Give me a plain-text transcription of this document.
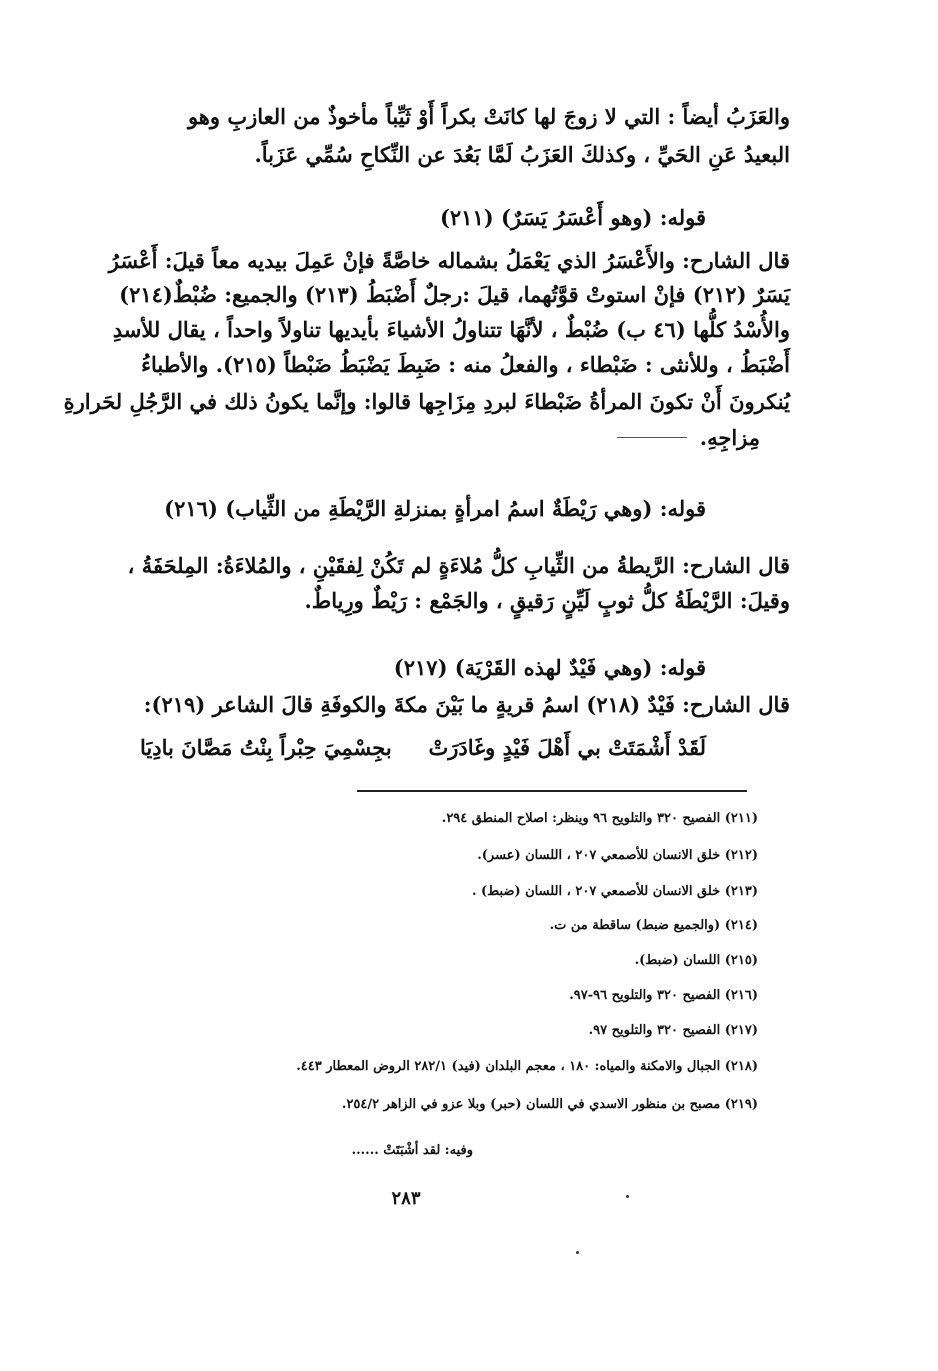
والعَزَبُ أيضاً : التي لا زوجَ لها كانَتْ بكراً أَوْ ثَيِّباً مأخوذٌ من العازبِ وهو
البعيدُ عَنِ الحَيِّ ، وكذلكَ العَزَبُ لَمَّا بَعُدَ عن النِّكاحِ سُمِّي عَزَباً.
قوله: (وهو أَعْسَرُ يَسَرٌ) (٢١١)
قال الشارح: والأَعْسَرُ الذي يَعْمَلُ بشماله خاصَّةً فإنْ عَمِلَ بيديه معاً قيلَ: أَعْسَرُ
يَسَرٌ (٢١٢) فإنْ استوتْ قوَّتُهما، قيلَ :رجلٌ أَضْبَطُ (٢١٣) والجميع: ضُبْطٌ(٢١٤)
والأُسْدُ كلُّها (٤٦ ب) ضُبْطٌ ، لأنَّهَا تتناولُ الأشياءَ بأيديها تناولاً واحداً ، يقال للأسدِ
أَضْبَطُ ، وللأنثى : ضَبْطاء ، والفعلُ منه : ضَبِطَ يَضْبَطُ ضَبْطاً (٢١٥). والأطباءُ
يُنكرونَ أَنْ تكونَ المرأةُ ضَبْطاءَ لبردِ مِزَاجِها قالوا: وإنَّما يكونُ ذلك في الرَّجُلِ لحَرارةِ
مِزاجِهِ.
قوله: (وهي رَيْطَةٌ اسمُ امرأةٍ بمنزلةِ الرَّيْطَةِ من الثِّياب) (٢١٦)
قال الشارح: الرَّيطةُ من الثِّيابِ كلُّ مُلاءَةٍ لم تَكُنْ لِفقَيْنِ ، والمُلاءَةُ: المِلحَفَةُ ،
وقيلَ: الرَّيْطَةُ كلُّ ثوبٍ لَيِّنٍ رَقيقٍ ، والجَمْع : رَيْطٌ ورِياطٌ.
قوله: (وهي فَيْدٌ لهذه القَرْيَة) (٢١٧)
قال الشارح: فَيْدٌ (٢١٨) اسمُ قريةٍ ما بَيْنَ مكةَ والكوفَةِ قالَ الشاعر (٢١٩):
لَقَدْ أَشْمَتَتْ بي أَهْلَ فَيْدٍ وغَادَرَتْ
بجِسْمِيَ حِبْراً بِنْتُ مَصَّانَ بادِيَا
(٢١١) الفصيح ٣٢٠ والتلويح ٩٦ وينظر: اصلاح المنطق ٢٩٤.
(٢١٢) خلق الانسان للأصمعي ٢٠٧ ، اللسان (عسر).
(٢١٣) خلق الانسان للأصمعي ٢٠٧ ، اللسان (ضبط) .
(٢١٤) (والجميع ضبط) ساقطة من ت.
(٢١٥) اللسان (ضبط).
(٢١٦) الفصيح ٣٢٠ والتلويح ٩٦-٩٧.
(٢١٧) الفصيح ٣٢٠ والتلويح ٩٧.
(٢١٨) الجبال والامكنة والمياه: ١٨٠ ، معجم البلدان (فيد) ٢٨٢/١ الروض المعطار ٤٤٣.
(٢١٩) مصبح بن منظور الاسدي في اللسان (حبر) وبلا عزو في الزاهر ٢٥٤/٢.
وفيه: لقد أشْبَتَتْ ......
٢٨٣
